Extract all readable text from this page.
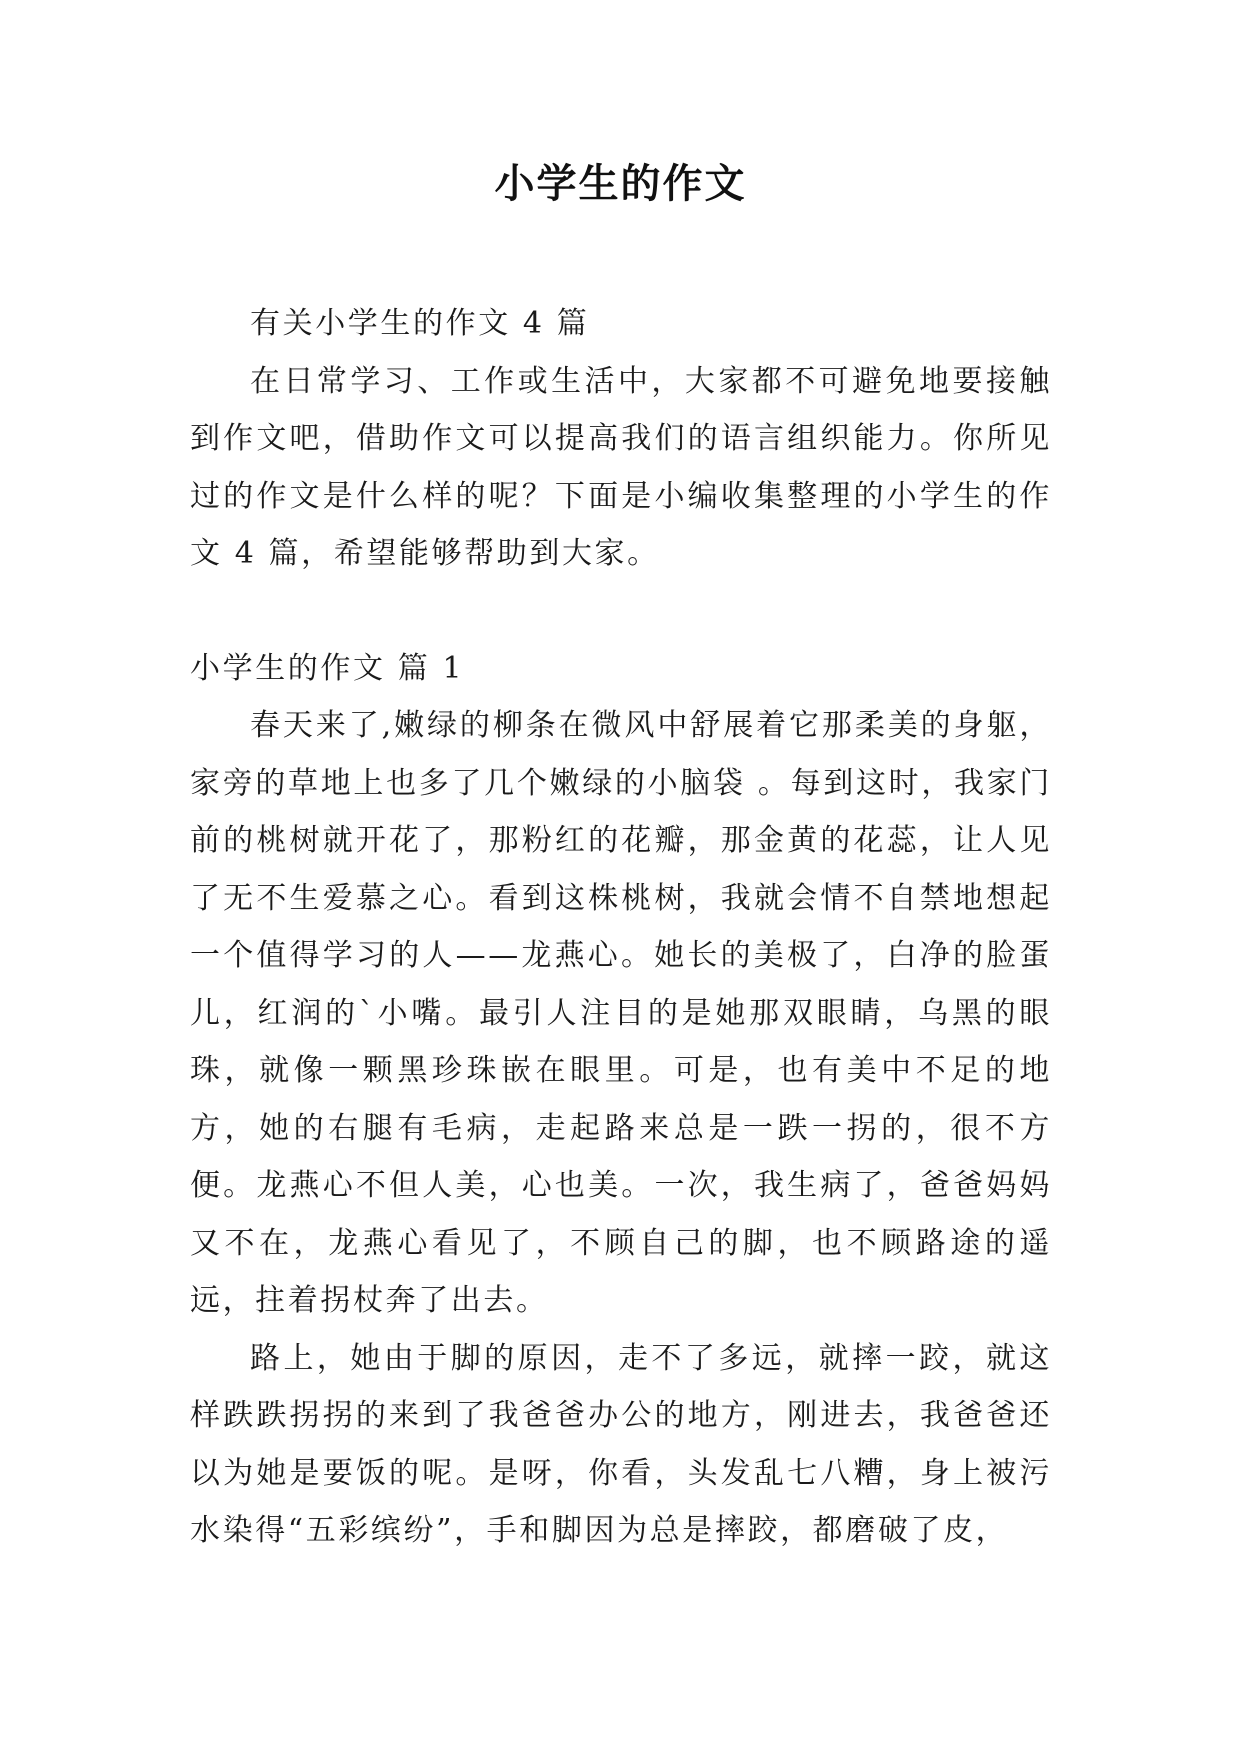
小学生的作文

有关小学生的作文 4 篇

在日常学习、工作或生活中，大家都不可避免地要接触到作文吧，借助作文可以提高我们的语言组织能力。你所见过的作文是什么样的呢？下面是小编收集整理的小学生的作文 4 篇，希望能够帮助到大家。

小学生的作文 篇 1

春天来了,嫩绿的柳条在微风中舒展着它那柔美的身躯，家旁的草地上也多了几个嫩绿的小脑袋 。每到这时，我家门前的桃树就开花了，那粉红的花瓣，那金黄的花蕊，让人见了无不生爱慕之心。看到这株桃树，我就会情不自禁地想起一个值得学习的人——龙燕心。她长的美极了，白净的脸蛋儿，红润的`小嘴。最引人注目的是她那双眼睛，乌黑的眼珠，就像一颗黑珍珠嵌在眼里。可是，也有美中不足的地方，她的右腿有毛病，走起路来总是一跌一拐的，很不方便。龙燕心不但人美，心也美。一次，我生病了，爸爸妈妈又不在，龙燕心看见了，不顾自己的脚，也不顾路途的遥远，拄着拐杖奔了出去。

路上，她由于脚的原因，走不了多远，就摔一跤，就这样跌跌拐拐的来到了我爸爸办公的地方，刚进去，我爸爸还以为她是要饭的呢。是呀，你看，头发乱七八糟，身上被污水染得“五彩缤纷”，手和脚因为总是摔跤，都磨破了皮，
